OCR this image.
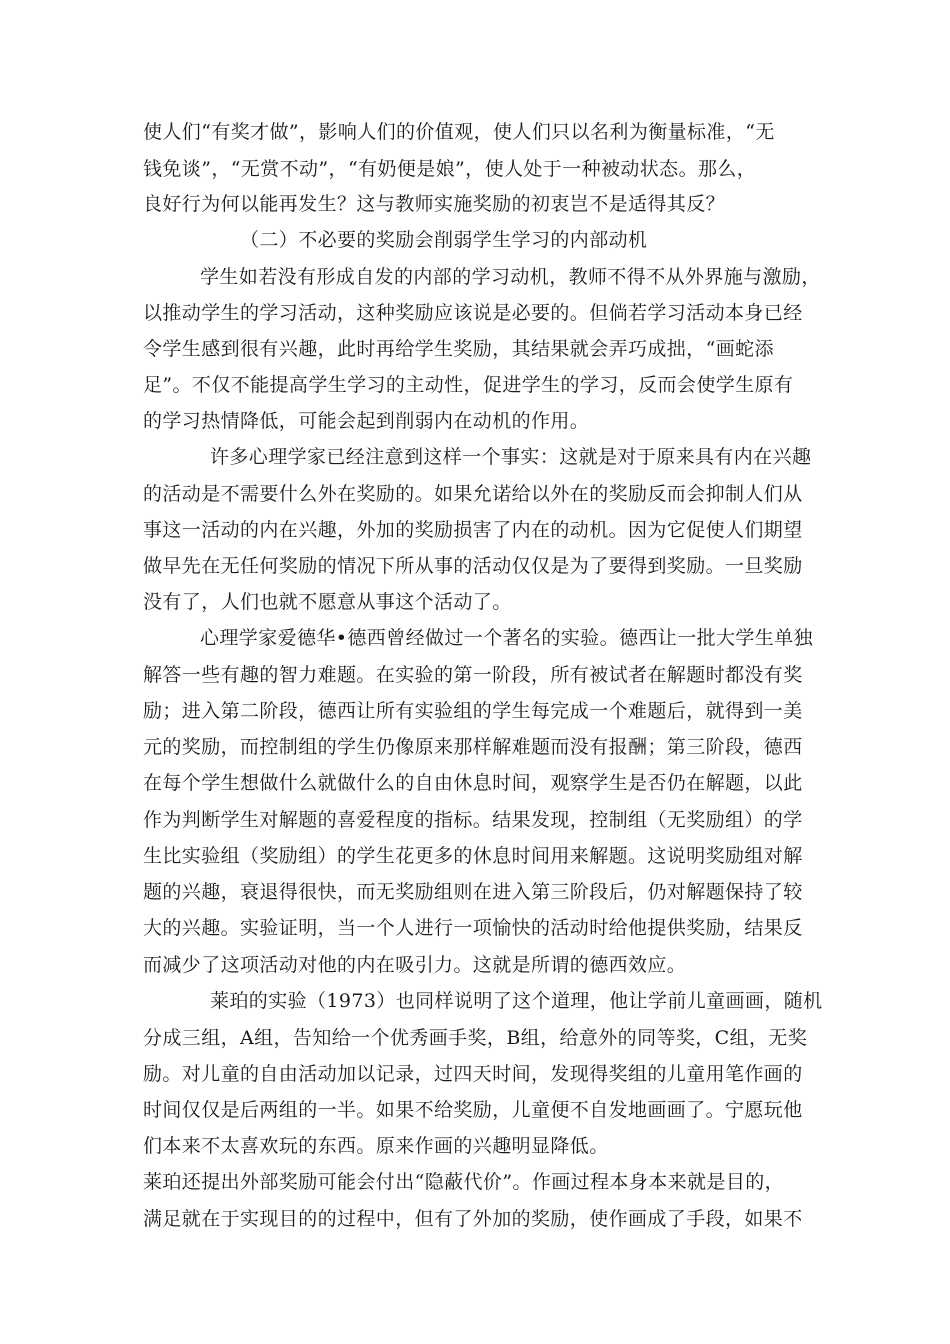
使人们“有奖才做”，影响人们的价值观，使人们只以名利为衡量标准，“无
钱免谈”，“无赏不动”，“有奶便是娘”，使人处于一种被动状态。那么，
良好行为何以能再发生？这与教师实施奖励的初衷岂不是适得其反？
（二）不必要的奖励会削弱学生学习的内部动机
学生如若没有形成自发的内部的学习动机，教师不得不从外界施与激励，
以推动学生的学习活动，这种奖励应该说是必要的。但倘若学习活动本身已经
令学生感到很有兴趣，此时再给学生奖励，其结果就会弄巧成拙，“画蛇添
足”。不仅不能提高学生学习的主动性，促进学生的学习，反而会使学生原有
的学习热情降低，可能会起到削弱内在动机的作用。
许多心理学家已经注意到这样一个事实：这就是对于原来具有内在兴趣
的活动是不需要什么外在奖励的。如果允诺给以外在的奖励反而会抑制人们从
事这一活动的内在兴趣，外加的奖励损害了内在的动机。因为它促使人们期望
做早先在无任何奖励的情况下所从事的活动仅仅是为了要得到奖励。一旦奖励
没有了，人们也就不愿意从事这个活动了。
心理学家爱德华•德西曾经做过一个著名的实验。德西让一批大学生单独
解答一些有趣的智力难题。在实验的第一阶段，所有被试者在解题时都没有奖
励；进入第二阶段，德西让所有实验组的学生每完成一个难题后，就得到一美
元的奖励，而控制组的学生仍像原来那样解难题而没有报酬；第三阶段，德西
在每个学生想做什么就做什么的自由休息时间，观察学生是否仍在解题，以此
作为判断学生对解题的喜爱程度的指标。结果发现，控制组（无奖励组）的学
生比实验组（奖励组）的学生花更多的休息时间用来解题。这说明奖励组对解
题的兴趣，衰退得很快，而无奖励组则在进入第三阶段后，仍对解题保持了较
大的兴趣。实验证明，当一个人进行一项愉快的活动时给他提供奖励，结果反
而减少了这项活动对他的内在吸引力。这就是所谓的德西效应。
莱珀的实验（1973）也同样说明了这个道理，他让学前儿童画画，随机
分成三组，A组，告知给一个优秀画手奖，B组，给意外的同等奖，C组，无奖
励。对儿童的自由活动加以记录，过四天时间，发现得奖组的儿童用笔作画的
时间仅仅是后两组的一半。如果不给奖励，儿童便不自发地画画了。宁愿玩他
们本来不太喜欢玩的东西。原来作画的兴趣明显降低。
莱珀还提出外部奖励可能会付出“隐蔽代价”。作画过程本身本来就是目的，
满足就在于实现目的的过程中，但有了外加的奖励，使作画成了手段，如果不
